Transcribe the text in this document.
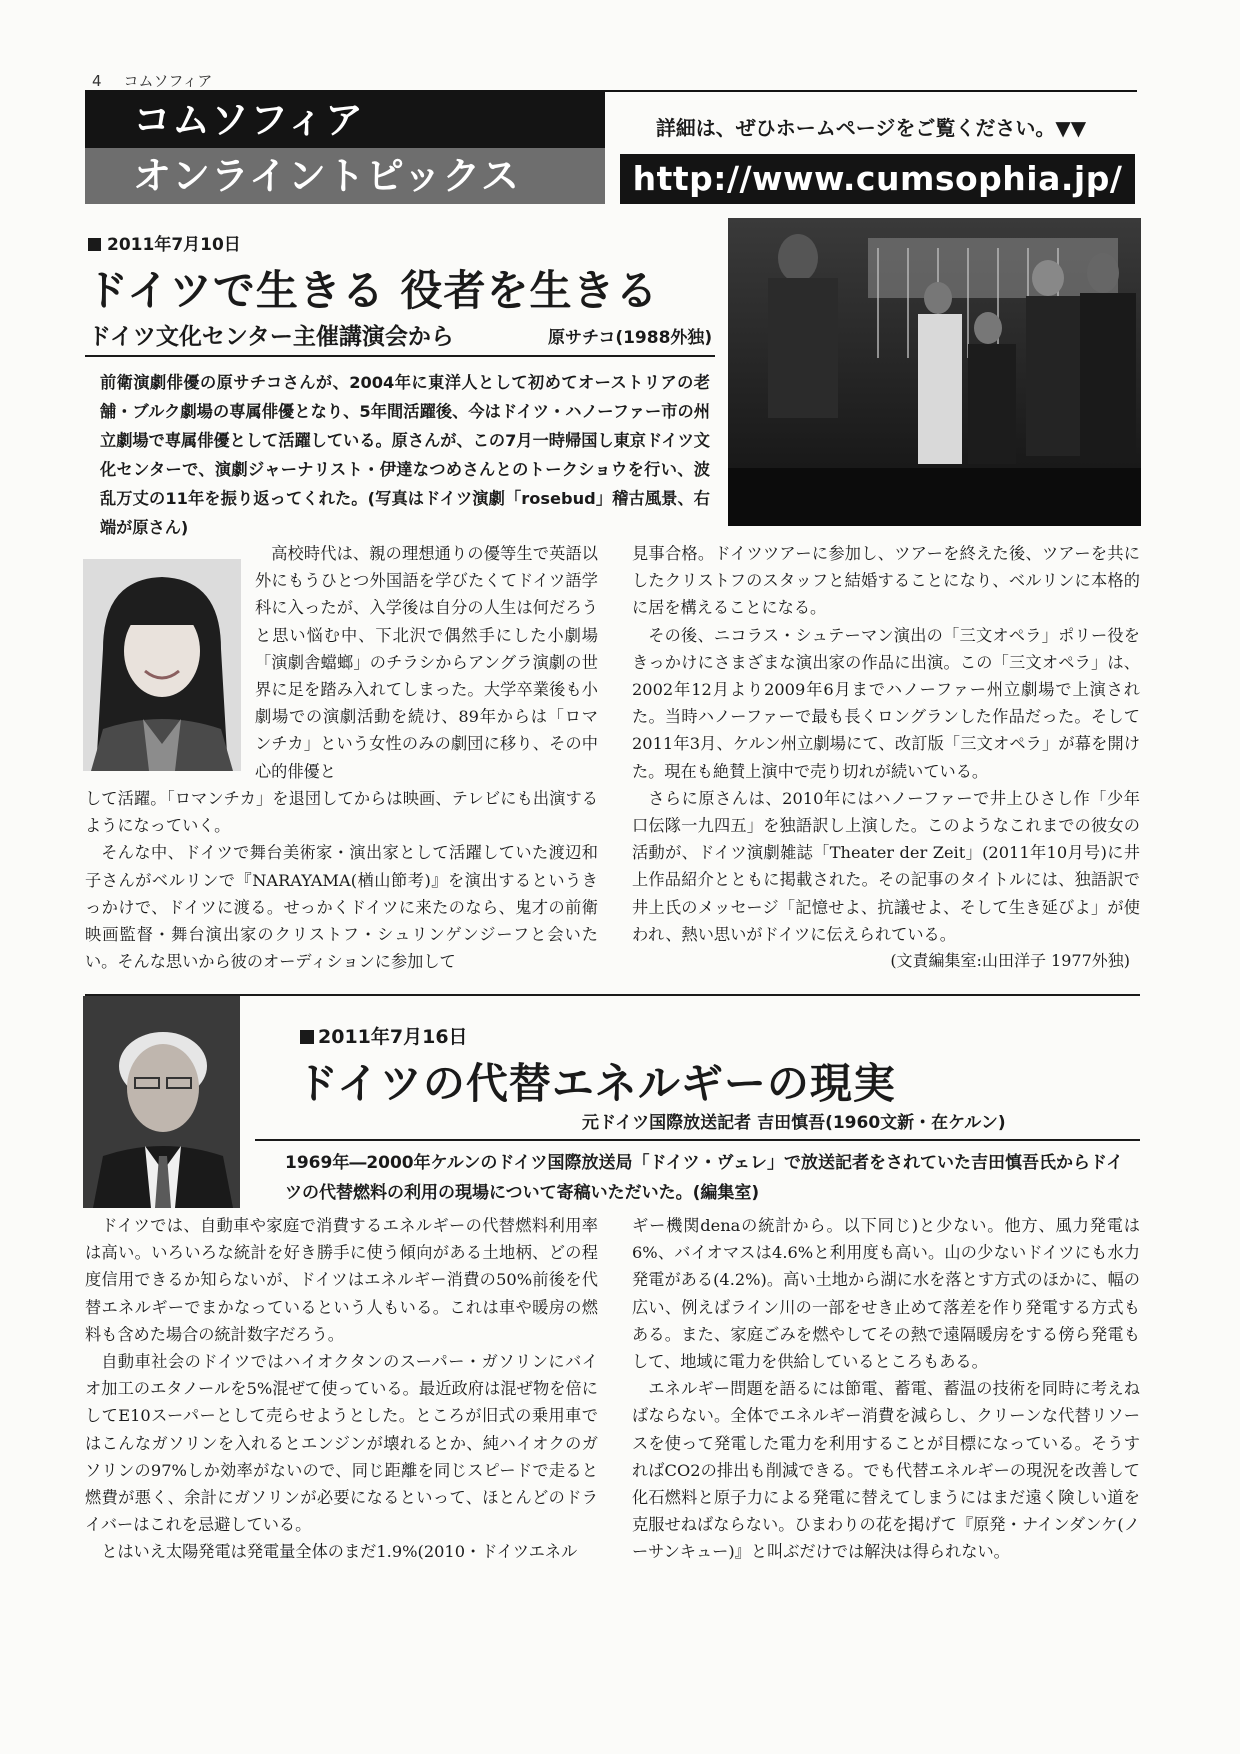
4 コムソフィア
コムソフィア
オンライントピックス
詳細は、ぜひホームページをご覧ください。▼▼
http://www.cumsophia.jp/
2011年7月10日
ドイツで生きる 役者を生きる
ドイツ文化センター主催講演会から	原サチコ(1988外独)
前衛演劇俳優の原サチコさんが、2004年に東洋人として初めてオーストリアの老舗・ブルク劇場の専属俳優となり、5年間活躍後、今はドイツ・ハノーファー市の州立劇場で専属俳優として活躍している。原さんが、この7月一時帰国し東京ドイツ文化センターで、演劇ジャーナリスト・伊達なつめさんとのトークショウを行い、波乱万丈の11年を振り返ってくれた。(写真はドイツ演劇「rosebud」稽古風景、右端が原さん)

高校時代は、親の理想通りの優等生で英語以外にもうひとつ外国語を学びたくてドイツ語学科に入ったが、入学後は自分の人生は何だろうと思い悩む中、下北沢で偶然手にした小劇場「演劇舎蟷螂」のチラシからアングラ演劇の世界に足を踏み入れてしまった。大学卒業後も小劇場での演劇活動を続け、89年からは「ロマンチカ」という女性のみの劇団に移り、その中心的俳優と

して活躍。「ロマンチカ」を退団してからは映画、テレビにも出演するようになっていく。

そんな中、ドイツで舞台美術家・演出家として活躍していた渡辺和子さんがベルリンで『NARAYAMA(楢山節考)』を演出するというきっかけで、ドイツに渡る。せっかくドイツに来たのなら、鬼才の前衛映画監督・舞台演出家のクリストフ・シュリンゲンジーフと会いたい。そんな思いから彼のオーディションに参加して

見事合格。ドイツツアーに参加し、ツアーを終えた後、ツアーを共にしたクリストフのスタッフと結婚することになり、ベルリンに本格的に居を構えることになる。

その後、ニコラス・シュテーマン演出の「三文オペラ」ポリー役をきっかけにさまざまな演出家の作品に出演。この「三文オペラ」は、2002年12月より2009年6月までハノーファー州立劇場で上演された。当時ハノーファーで最も長くロングランした作品だった。そして2011年3月、ケルン州立劇場にて、改訂版「三文オペラ」が幕を開けた。現在も絶賛上演中で売り切れが続いている。

さらに原さんは、2010年にはハノーファーで井上ひさし作「少年口伝隊一九四五」を独語訳し上演した。このようなこれまでの彼女の活動が、ドイツ演劇雑誌「Theater der Zeit」(2011年10月号)に井上作品紹介とともに掲載された。その記事のタイトルには、独語訳で井上氏のメッセージ「記憶せよ、抗議せよ、そして生き延びよ」が使われ、熱い思いがドイツに伝えられている。

(文責編集室:山田洋子 1977外独)
2011年7月16日
ドイツの代替エネルギーの現実
元ドイツ国際放送記者 吉田慎吾(1960文新・在ケルン)
1969年―2000年ケルンのドイツ国際放送局「ドイツ・ヴェレ」で放送記者をされていた吉田慎吾氏からドイツの代替燃料の利用の現場について寄稿いただいた。(編集室)

ドイツでは、自動車や家庭で消費するエネルギーの代替燃料利用率は高い。いろいろな統計を好き勝手に使う傾向がある土地柄、どの程度信用できるか知らないが、ドイツはエネルギー消費の50%前後を代替エネルギーでまかなっているという人もいる。これは車や暖房の燃料も含めた場合の統計数字だろう。

自動車社会のドイツではハイオクタンのスーパー・ガソリンにバイオ加工のエタノールを5%混ぜて使っている。最近政府は混ぜ物を倍にしてE10スーパーとして売らせようとした。ところが旧式の乗用車ではこんなガソリンを入れるとエンジンが壊れるとか、純ハイオクのガソリンの97%しか効率がないので、同じ距離を同じスピードで走ると燃費が悪く、余計にガソリンが必要になるといって、ほとんどのドライバーはこれを忌避している。

とはいえ太陽発電は発電量全体のまだ1.9%(2010・ドイツエネル

ギー機関denaの統計から。以下同じ)と少ない。他方、風力発電は6%、バイオマスは4.6%と利用度も高い。山の少ないドイツにも水力発電がある(4.2%)。高い土地から湖に水を落とす方式のほかに、幅の広い、例えばライン川の一部をせき止めて落差を作り発電する方式もある。また、家庭ごみを燃やしてその熱で遠隔暖房をする傍ら発電もして、地域に電力を供給しているところもある。

エネルギー問題を語るには節電、蓄電、蓄温の技術を同時に考えねばならない。全体でエネルギー消費を減らし、クリーンな代替リソースを使って発電した電力を利用することが目標になっている。そうすればCO2の排出も削減できる。でも代替エネルギーの現況を改善して化石燃料と原子力による発電に替えてしまうにはまだ遠く険しい道を克服せねばならない。ひまわりの花を掲げて『原発・ナインダンケ(ノーサンキュー)』と叫ぶだけでは解決は得られない。
